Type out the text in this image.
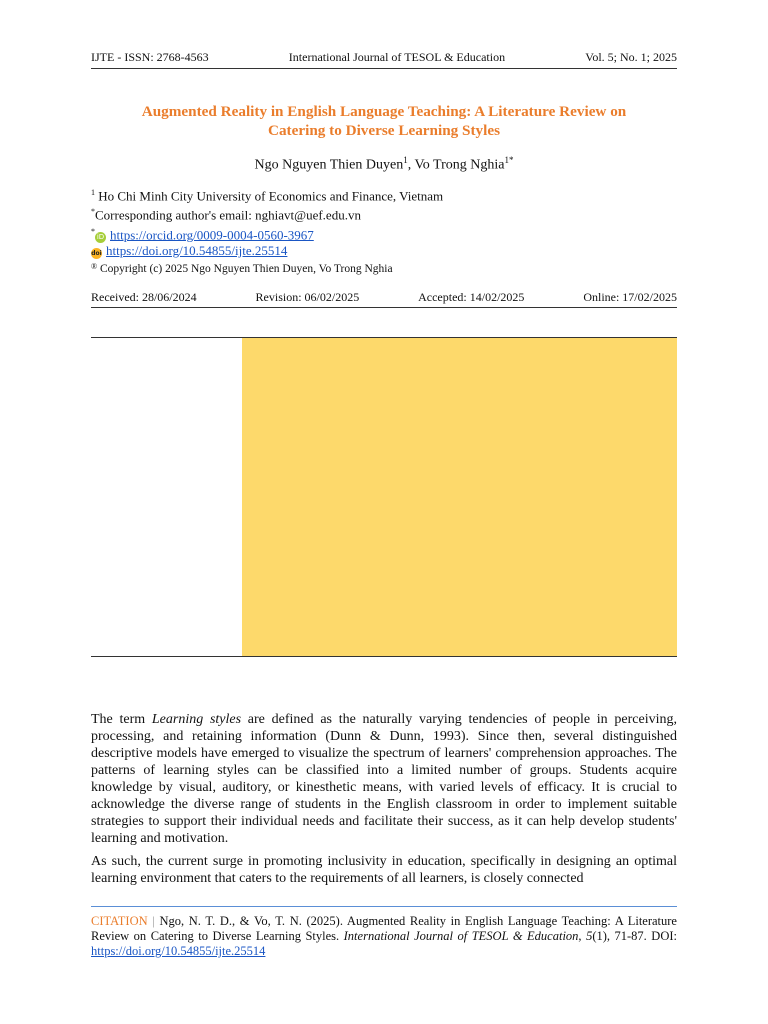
IJTE - ISSN: 2768-4563	International Journal of TESOL & Education	Vol. 5; No. 1; 2025
Augmented Reality in English Language Teaching: A Literature Review on
Catering to Diverse Learning Styles
Ngo Nguyen Thien Duyen$^1$, Vo Trong Nghia$^{1*}$
$^1$ Ho Chi Minh City University of Economics and Finance, Vietnam
*Corresponding author's email: nghiavt@uef.edu.vn
*iD https://orcid.org/0009-0004-0560-3967
doi https://doi.org/10.54855/ijte.25514
® Copyright (c) 2025 Ngo Nguyen Thien Duyen, Vo Trong Nghia
Received: 28/06/2024	Revision: 06/02/2025	Accepted: 14/02/2025	Online: 17/02/2025

The term Learning styles are defined as the naturally varying tendencies of people in perceiving, processing, and retaining information (Dunn & Dunn, 1993). Since then, several distinguished descriptive models have emerged to visualize the spectrum of learners' comprehension approaches. The patterns of learning styles can be classified into a limited number of groups. Students acquire knowledge by visual, auditory, or kinesthetic means, with varied levels of efficacy. It is crucial to acknowledge the diverse range of students in the English classroom in order to implement suitable strategies to support their individual needs and facilitate their success, as it can help develop students' learning and motivation.

As such, the current surge in promoting inclusivity in education, specifically in designing an optimal learning environment that caters to the requirements of all learners, is closely connected

CITATION | Ngo, N. T. D., & Vo, T. N. (2025). Augmented Reality in English Language Teaching: A Literature Review on Catering to Diverse Learning Styles. International Journal of TESOL & Education, 5(1), 71-87. DOI: https://doi.org/10.54855/ijte.25514
